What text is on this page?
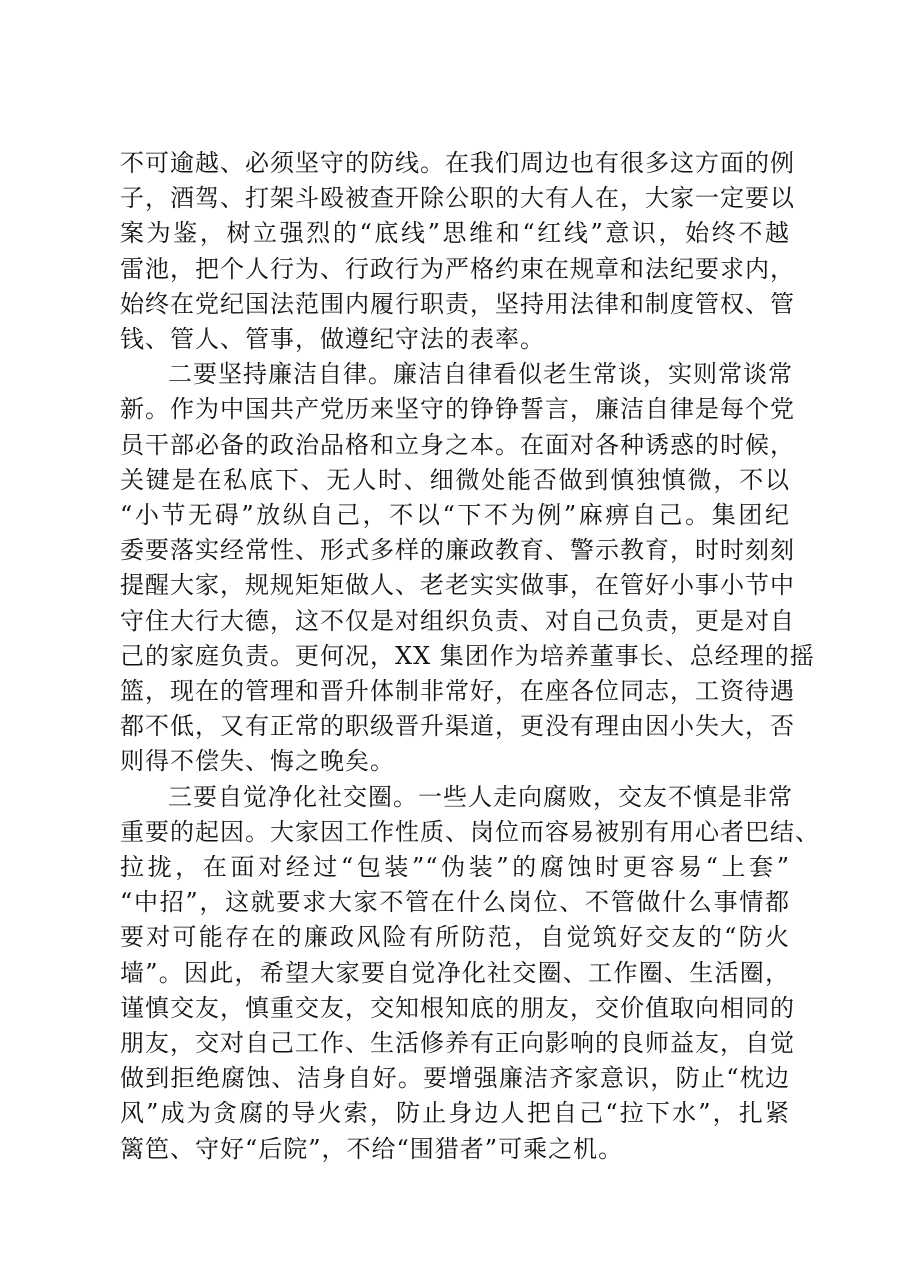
不可逾越、必须坚守的防线。在我们周边也有很多这方面的例
子，酒驾、打架斗殴被查开除公职的大有人在，大家一定要以
案为鉴，树立强烈的“底线”思维和“红线”意识，始终不越
雷池，把个人行为、行政行为严格约束在规章和法纪要求内，
始终在党纪国法范围内履行职责，坚持用法律和制度管权、管
钱、管人、管事，做遵纪守法的表率。
二要坚持廉洁自律。廉洁自律看似老生常谈，实则常谈常
新。作为中国共产党历来坚守的铮铮誓言，廉洁自律是每个党
员干部必备的政治品格和立身之本。在面对各种诱惑的时候，
关键是在私底下、无人时、细微处能否做到慎独慎微，不以
“小节无碍”放纵自己，不以“下不为例”麻痹自己。集团纪
委要落实经常性、形式多样的廉政教育、警示教育，时时刻刻
提醒大家，规规矩矩做人、老老实实做事，在管好小事小节中
守住大行大德，这不仅是对组织负责、对自己负责，更是对自
己的家庭负责。更何况，XX 集团作为培养董事长、总经理的摇
篮，现在的管理和晋升体制非常好，在座各位同志，工资待遇
都不低，又有正常的职级晋升渠道，更没有理由因小失大，否
则得不偿失、悔之晚矣。
三要自觉净化社交圈。一些人走向腐败，交友不慎是非常
重要的起因。大家因工作性质、岗位而容易被别有用心者巴结、
拉拢，在面对经过“包装”“伪装”的腐蚀时更容易“上套”
“中招”，这就要求大家不管在什么岗位、不管做什么事情都
要对可能存在的廉政风险有所防范，自觉筑好交友的“防火
墙”。因此，希望大家要自觉净化社交圈、工作圈、生活圈，
谨慎交友，慎重交友，交知根知底的朋友，交价值取向相同的
朋友，交对自己工作、生活修养有正向影响的良师益友，自觉
做到拒绝腐蚀、洁身自好。要增强廉洁齐家意识，防止“枕边
风”成为贪腐的导火索，防止身边人把自己“拉下水”，扎紧
篱笆、守好“后院”，不给“围猎者”可乘之机。
